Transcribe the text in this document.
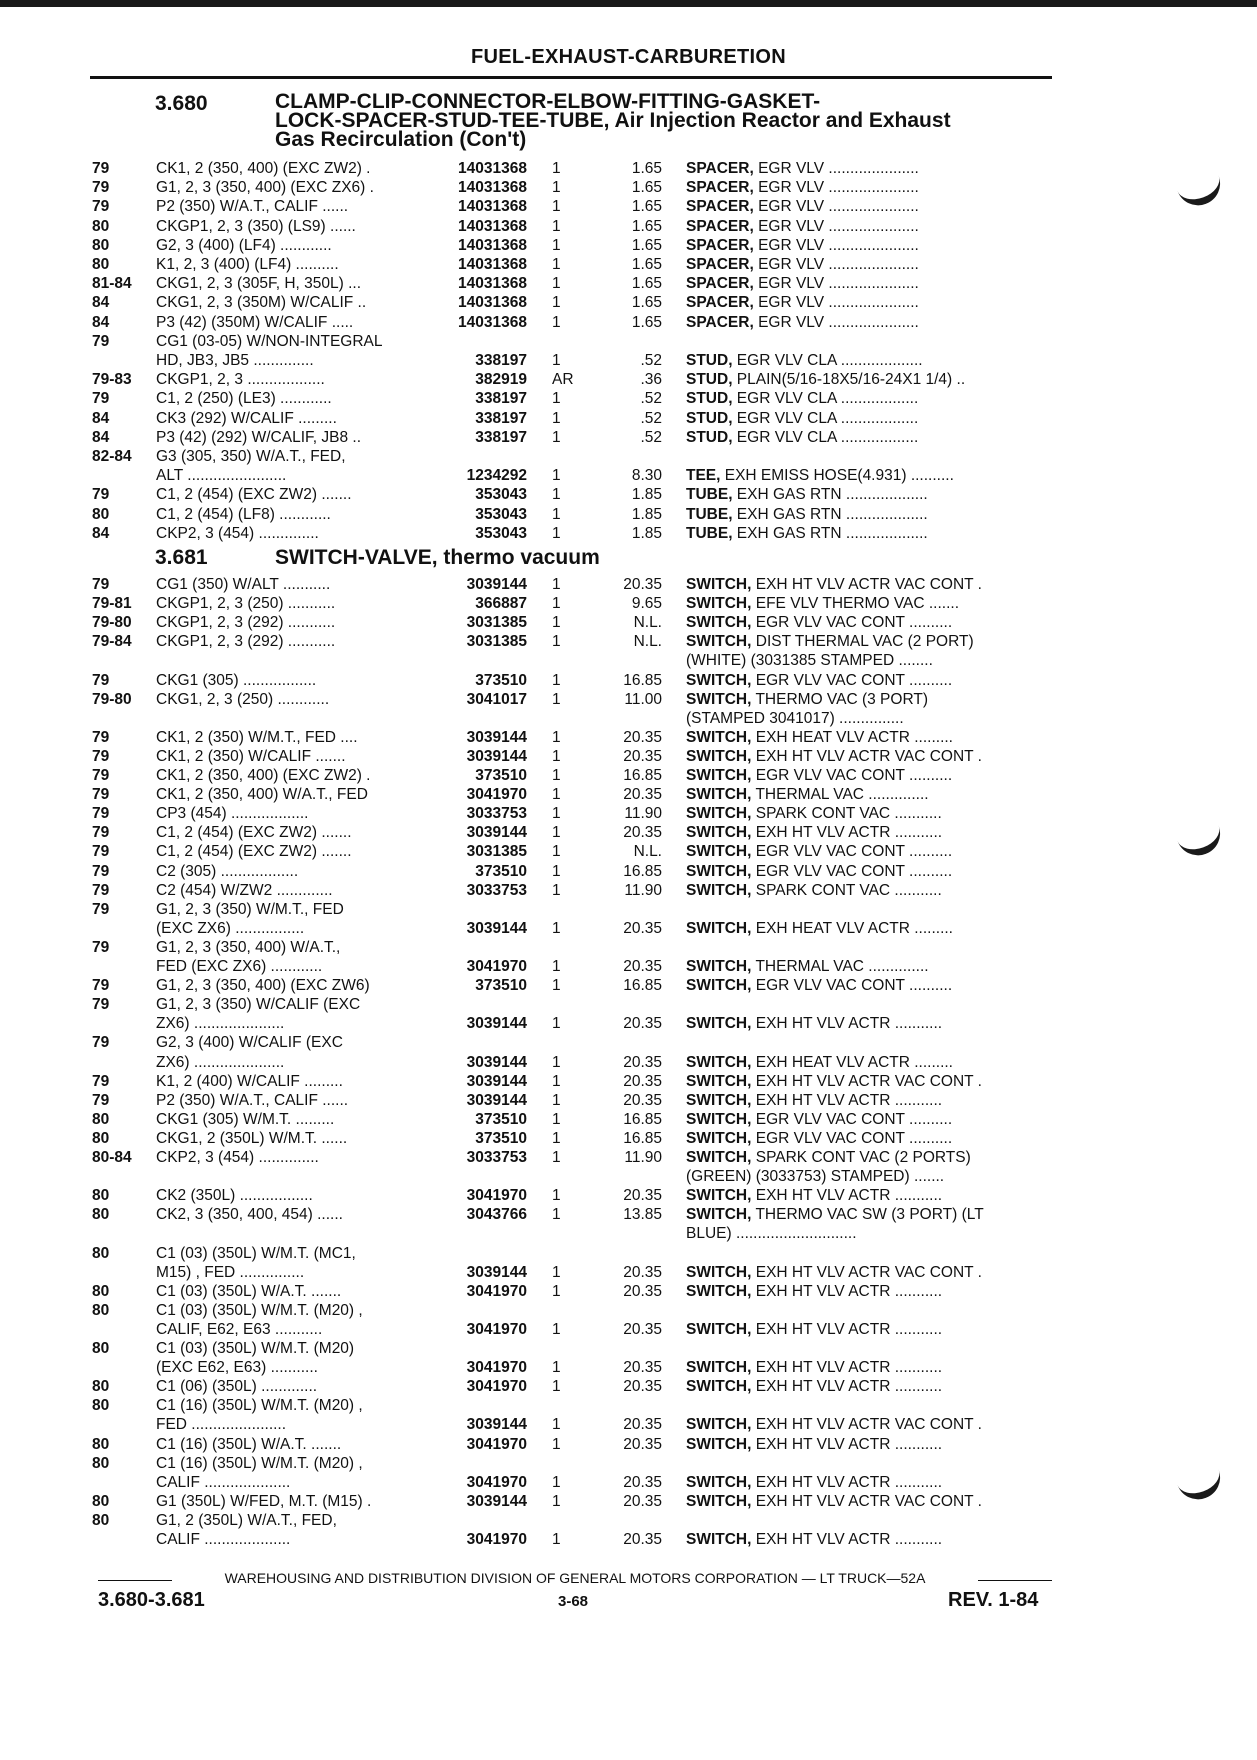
FUEL-EXHAUST-CARBURETION
3.680	CLAMP-CLIP-CONNECTOR-ELBOW-FITTING-GASKET-
LOCK-SPACER-STUD-TEE-TUBE, Air Injection Reactor and Exhaust
Gas Recirculation (Con't)
79	CK1, 2 (350, 400) (EXC ZW2) .	14031368 1	1.65 SPACER, EGR VLV .....................
79	G1, 2, 3 (350, 400) (EXC ZX6) .	14031368 1	1.65 SPACER, EGR VLV .....................
79	P2 (350) W/A.T., CALIF ......	14031368 1	1.65 SPACER, EGR VLV .....................
80	CKGP1, 2, 3 (350) (LS9) ......	14031368 1	1.65 SPACER, EGR VLV .....................
80	G2, 3 (400) (LF4) ............	14031368 1	1.65 SPACER, EGR VLV .....................
80	K1, 2, 3 (400) (LF4) ..........	14031368 1	1.65 SPACER, EGR VLV .....................
81-84 CKG1, 2, 3 (305F, H, 350L) ...	14031368 1	1.65 SPACER, EGR VLV .....................
84	CKG1, 2, 3 (350M) W/CALIF ..	14031368 1	1.65 SPACER, EGR VLV .....................
84	P3 (42) (350M) W/CALIF .....	14031368 1	1.65 SPACER, EGR VLV .....................
79	CG1 (03-05) W/NON-INTEGRAL
HD, JB3, JB5 ..............	338197 1	.52 STUD, EGR VLV CLA ...................
79-83 CKGP1, 2, 3 ..................	382919 AR	.36 STUD, PLAIN(5/16-18X5/16-24X1 1/4) ..
79	C1, 2 (250) (LE3) ............	338197 1	.52 STUD, EGR VLV CLA ..................
84	CK3 (292) W/CALIF .........	338197 1	.52 STUD, EGR VLV CLA ..................
84	P3 (42) (292) W/CALIF, JB8 ..	338197 1	.52 STUD, EGR VLV CLA ..................
82-84 G3 (305, 350) W/A.T., FED,
ALT .......................	1234292 1	8.30 TEE, EXH EMISS HOSE(4.931) ..........
79	C1, 2 (454) (EXC ZW2) .......	353043 1	1.85 TUBE, EXH GAS RTN ...................
80	C1, 2 (454) (LF8) ............	353043 1	1.85 TUBE, EXH GAS RTN ...................
84	CKP2, 3 (454) ..............	353043 1	1.85 TUBE, EXH GAS RTN ...................
3.681	SWITCH-VALVE, thermo vacuum
79	CG1 (350) W/ALT ...........	3039144 1	20.35 SWITCH, EXH HT VLV ACTR VAC CONT .
79-81 CKGP1, 2, 3 (250) ...........	366887 1	9.65 SWITCH, EFE VLV THERMO VAC .......
79-80 CKGP1, 2, 3 (292) ...........	3031385 1	N.L. SWITCH, EGR VLV VAC CONT ..........
79-84 CKGP1, 2, 3 (292) ...........	3031385 1	N.L. SWITCH, DIST THERMAL VAC (2 PORT)
(WHITE) (3031385 STAMPED ........
79	CKG1 (305) .................	373510 1	16.85 SWITCH, EGR VLV VAC CONT ..........
79-80 CKG1, 2, 3 (250) ............	3041017 1	11.00 SWITCH, THERMO VAC (3 PORT)
(STAMPED 3041017) ...............
79	CK1, 2 (350) W/M.T., FED ....	3039144 1	20.35 SWITCH, EXH HEAT VLV ACTR .........
79	CK1, 2 (350) W/CALIF .......	3039144 1	20.35 SWITCH, EXH HT VLV ACTR VAC CONT .
79	CK1, 2 (350, 400) (EXC ZW2) .	373510 1	16.85 SWITCH, EGR VLV VAC CONT ..........
79	CK1, 2 (350, 400) W/A.T., FED	3041970 1	20.35 SWITCH, THERMAL VAC ..............
79	CP3 (454) ..................	3033753 1	11.90 SWITCH, SPARK CONT VAC ...........
79	C1, 2 (454) (EXC ZW2) .......	3039144 1	20.35 SWITCH, EXH HT VLV ACTR ...........
79	C1, 2 (454) (EXC ZW2) .......	3031385 1	N.L. SWITCH, EGR VLV VAC CONT ..........
79	C2 (305) ..................	373510 1	16.85 SWITCH, EGR VLV VAC CONT ..........
79	C2 (454) W/ZW2 .............	3033753 1	11.90 SWITCH, SPARK CONT VAC ...........
79	G1, 2, 3 (350) W/M.T., FED
(EXC ZX6) ................	3039144 1	20.35 SWITCH, EXH HEAT VLV ACTR .........
79	G1, 2, 3 (350, 400) W/A.T.,
FED (EXC ZX6) ............	3041970 1	20.35 SWITCH, THERMAL VAC ..............
79	G1, 2, 3 (350, 400) (EXC ZW6)	373510 1	16.85 SWITCH, EGR VLV VAC CONT ..........
79	G1, 2, 3 (350) W/CALIF (EXC
ZX6) .....................	3039144 1	20.35 SWITCH, EXH HT VLV ACTR ...........
79	G2, 3 (400) W/CALIF (EXC
ZX6) .....................	3039144 1	20.35 SWITCH, EXH HEAT VLV ACTR .........
79	K1, 2 (400) W/CALIF .........	3039144 1	20.35 SWITCH, EXH HT VLV ACTR VAC CONT .
79	P2 (350) W/A.T., CALIF ......	3039144 1	20.35 SWITCH, EXH HT VLV ACTR ...........
80	CKG1 (305) W/M.T. .........	373510 1	16.85 SWITCH, EGR VLV VAC CONT ..........
80	CKG1, 2 (350L) W/M.T. ......	373510 1	16.85 SWITCH, EGR VLV VAC CONT ..........
80-84 CKP2, 3 (454) ..............	3033753 1	11.90 SWITCH, SPARK CONT VAC (2 PORTS)
(GREEN) (3033753) STAMPED) .......
80	CK2 (350L) .................	3041970 1	20.35 SWITCH, EXH HT VLV ACTR ...........
80	CK2, 3 (350, 400, 454) ......	3043766 1	13.85 SWITCH, THERMO VAC SW (3 PORT) (LT
BLUE) ............................
80	C1 (03) (350L) W/M.T. (MC1,
M15) , FED ...............	3039144 1	20.35 SWITCH, EXH HT VLV ACTR VAC CONT .
80	C1 (03) (350L) W/A.T. .......	3041970 1	20.35 SWITCH, EXH HT VLV ACTR ...........
80	C1 (03) (350L) W/M.T. (M20) ,
CALIF, E62, E63 ...........	3041970 1	20.35 SWITCH, EXH HT VLV ACTR ...........
80	C1 (03) (350L) W/M.T. (M20)
(EXC E62, E63) ...........	3041970 1	20.35 SWITCH, EXH HT VLV ACTR ...........
80	C1 (06) (350L) .............	3041970 1	20.35 SWITCH, EXH HT VLV ACTR ...........
80	C1 (16) (350L) W/M.T. (M20) ,
FED ......................	3039144 1	20.35 SWITCH, EXH HT VLV ACTR VAC CONT .
80	C1 (16) (350L) W/A.T. .......	3041970 1	20.35 SWITCH, EXH HT VLV ACTR ...........
80	C1 (16) (350L) W/M.T. (M20) ,
CALIF ....................	3041970 1	20.35 SWITCH, EXH HT VLV ACTR ...........
80	G1 (350L) W/FED, M.T. (M15) .	3039144 1	20.35 SWITCH, EXH HT VLV ACTR VAC CONT .
80	G1, 2 (350L) W/A.T., FED,
CALIF ....................	3041970 1	20.35 SWITCH, EXH HT VLV ACTR ...........
WAREHOUSING AND DISTRIBUTION DIVISION OF GENERAL MOTORS CORPORATION — LT TRUCK—52A
3.680-3.681	3-68	REV. 1-84
